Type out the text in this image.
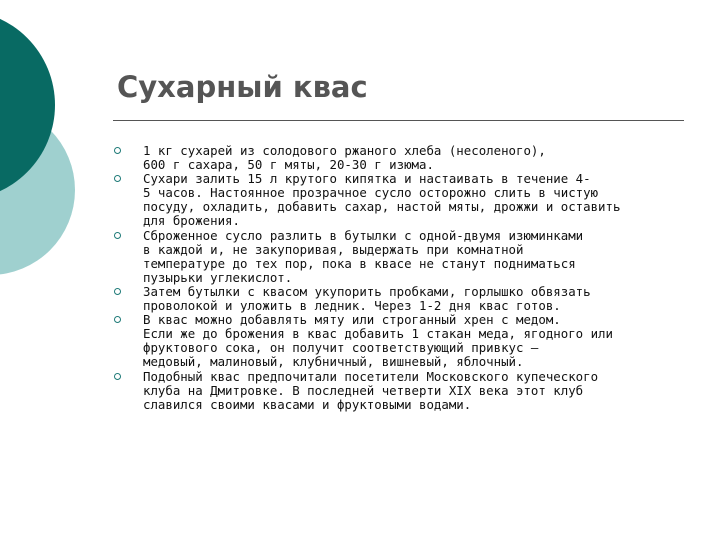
Сухарный квас
1 кг сухарей из солодового ржаного хлеба (несоленого),
600 г сахара, 50 г мяты, 20-30 г изюма.
Сухари залить 15 л крутого кипятка и настаивать в течение 4-
5 часов. Настоянное прозрачное сусло осторожно слить в чистую
посуду, охладить, добавить сахар, настой мяты, дрожжи и оставить
для брожения.
Сброженное сусло разлить в бутылки с одной-двумя изюминками
в каждой и, не закупоривая, выдержать при комнатной
температуре до тех пор, пока в квасе не станут подниматься
пузырьки углекислот.
Затем бутылки с квасом укупорить пробками, горлышко обвязать
проволокой и уложить в ледник. Через 1-2 дня квас готов.
В квас можно добавлять мяту или строганный хрен с медом.
Если же до брожения в квас добавить 1 стакан меда, ягодного или
фруктового сока, он получит соответствующий привкус —
медовый, малиновый, клубничный, вишневый, яблочный.
Подобный квас предпочитали посетители Московского купеческого
клуба на Дмитровке. В последней четверти XIX века этот клуб
славился своими квасами и фруктовыми водами.
